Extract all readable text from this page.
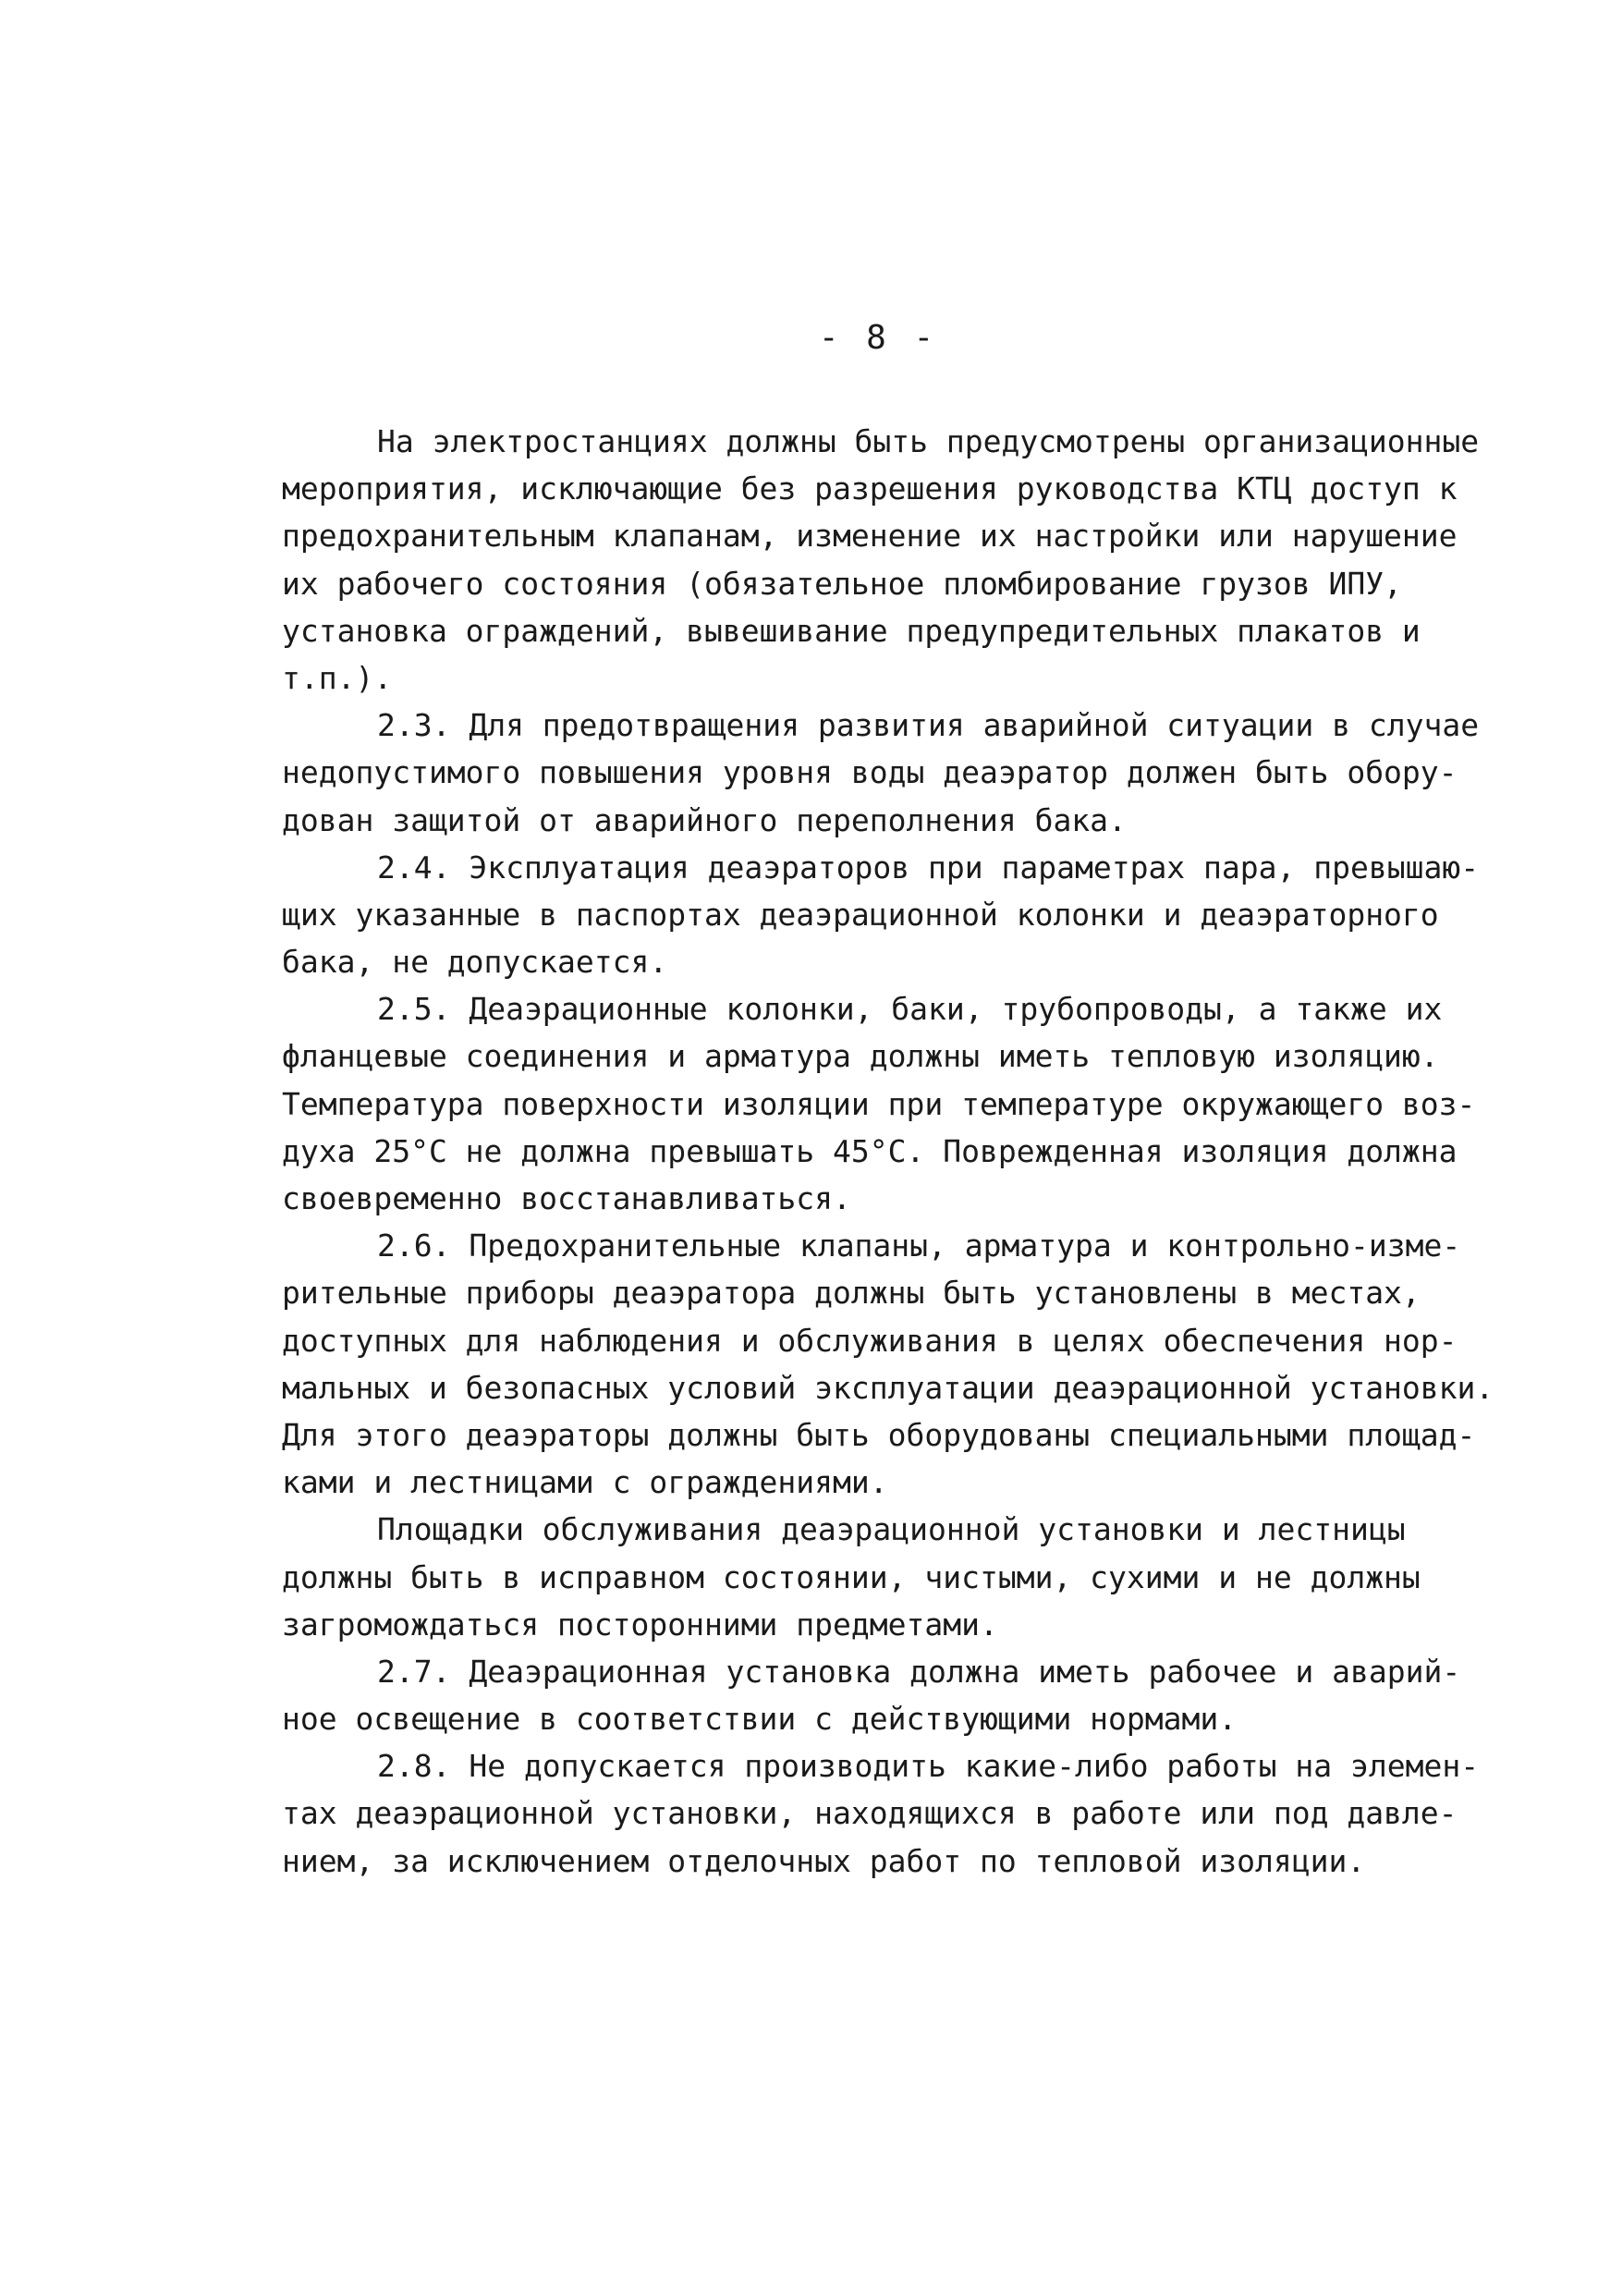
- 8 -
На электростанциях должны быть предусмотрены организационные
мероприятия, исключающие без разрешения руководства КТЦ доступ к
предохранительным клапанам, изменение их настройки или нарушение
их рабочего состояния (обязательное пломбирование грузов ИПУ,
установка ограждений, вывешивание предупредительных плакатов и
т.п.).
2.3. Для предотвращения развития аварийной ситуации в случае
недопустимого повышения уровня воды деаэратор должен быть обору-
дован защитой от аварийного переполнения бака.
2.4. Эксплуатация деаэраторов при параметрах пара, превышаю-
щих указанные в паспортах деаэрационной колонки и деаэраторного
бака, не допускается.
2.5. Деаэрационные колонки, баки, трубопроводы, а также их
фланцевые соединения и арматура должны иметь тепловую изоляцию.
Температура поверхности изоляции при температуре окружающего воз-
духа 25°С не должна превышать 45°С. Поврежденная изоляция должна
своевременно восстанавливаться.
2.6. Предохранительные клапаны, арматура и контрольно-изме-
рительные приборы деаэратора должны быть установлены в местах,
доступных для наблюдения и обслуживания в целях обеспечения нор-
мальных и безопасных условий эксплуатации деаэрационной установки.
Для этого деаэраторы должны быть оборудованы специальными площад-
ками и лестницами с ограждениями.
Площадки обслуживания деаэрационной установки и лестницы
должны быть в исправном состоянии, чистыми, сухими и не должны
загромождаться посторонними предметами.
2.7. Деаэрационная установка должна иметь рабочее и аварий-
ное освещение в соответствии с действующими нормами.
2.8. Не допускается производить какие-либо работы на элемен-
тах деаэрационной установки, находящихся в работе или под давле-
нием, за исключением отделочных работ по тепловой изоляции.
